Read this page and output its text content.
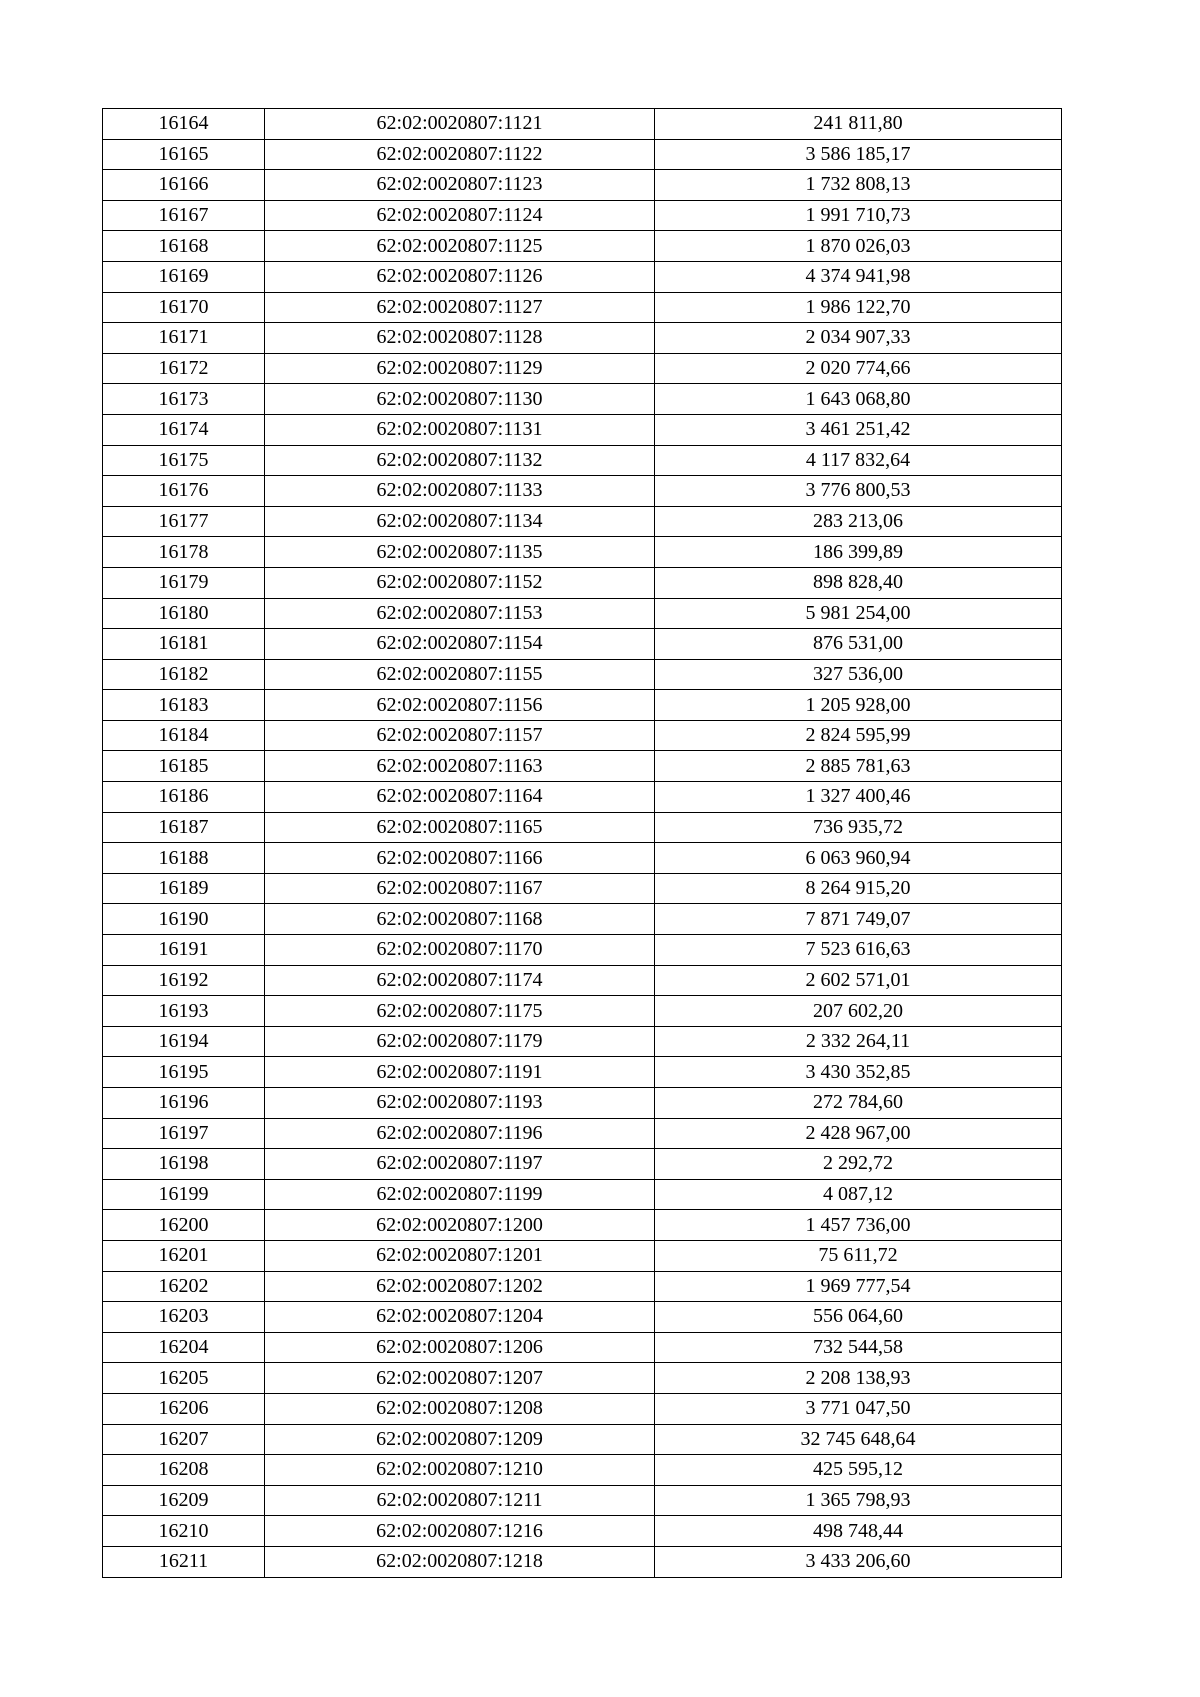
16164	62:02:0020807:1121	241 811,80
16165	62:02:0020807:1122	3 586 185,17
16166	62:02:0020807:1123	1 732 808,13
16167	62:02:0020807:1124	1 991 710,73
16168	62:02:0020807:1125	1 870 026,03
16169	62:02:0020807:1126	4 374 941,98
16170	62:02:0020807:1127	1 986 122,70
16171	62:02:0020807:1128	2 034 907,33
16172	62:02:0020807:1129	2 020 774,66
16173	62:02:0020807:1130	1 643 068,80
16174	62:02:0020807:1131	3 461 251,42
16175	62:02:0020807:1132	4 117 832,64
16176	62:02:0020807:1133	3 776 800,53
16177	62:02:0020807:1134	283 213,06
16178	62:02:0020807:1135	186 399,89
16179	62:02:0020807:1152	898 828,40
16180	62:02:0020807:1153	5 981 254,00
16181	62:02:0020807:1154	876 531,00
16182	62:02:0020807:1155	327 536,00
16183	62:02:0020807:1156	1 205 928,00
16184	62:02:0020807:1157	2 824 595,99
16185	62:02:0020807:1163	2 885 781,63
16186	62:02:0020807:1164	1 327 400,46
16187	62:02:0020807:1165	736 935,72
16188	62:02:0020807:1166	6 063 960,94
16189	62:02:0020807:1167	8 264 915,20
16190	62:02:0020807:1168	7 871 749,07
16191	62:02:0020807:1170	7 523 616,63
16192	62:02:0020807:1174	2 602 571,01
16193	62:02:0020807:1175	207 602,20
16194	62:02:0020807:1179	2 332 264,11
16195	62:02:0020807:1191	3 430 352,85
16196	62:02:0020807:1193	272 784,60
16197	62:02:0020807:1196	2 428 967,00
16198	62:02:0020807:1197	2 292,72
16199	62:02:0020807:1199	4 087,12
16200	62:02:0020807:1200	1 457 736,00
16201	62:02:0020807:1201	75 611,72
16202	62:02:0020807:1202	1 969 777,54
16203	62:02:0020807:1204	556 064,60
16204	62:02:0020807:1206	732 544,58
16205	62:02:0020807:1207	2 208 138,93
16206	62:02:0020807:1208	3 771 047,50
16207	62:02:0020807:1209	32 745 648,64
16208	62:02:0020807:1210	425 595,12
16209	62:02:0020807:1211	1 365 798,93
16210	62:02:0020807:1216	498 748,44
16211	62:02:0020807:1218	3 433 206,60
